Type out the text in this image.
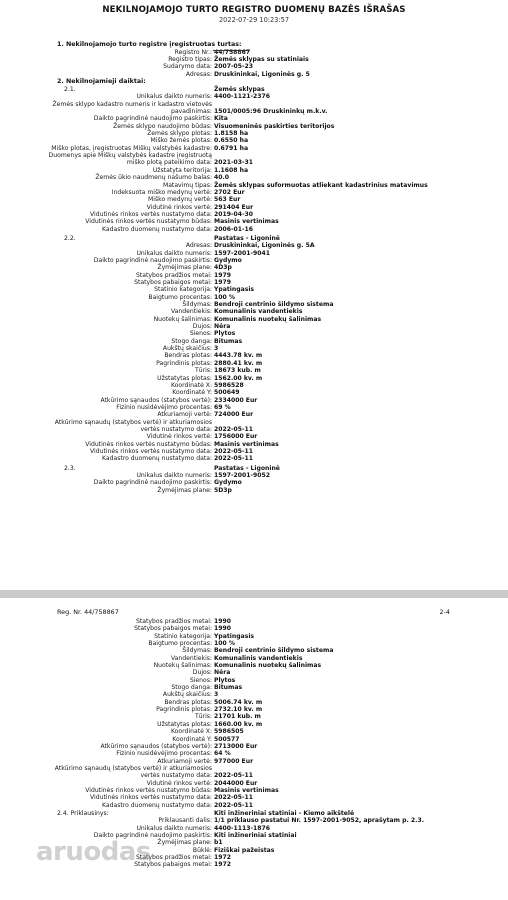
NEKILNOJAMOJO TURTO REGISTRO DUOMENŲ BAZĖS IŠRAŠAS
2022-07-29 10:23:57
1. Nekilnojamojo turto registre įregistruotas turtas:
Registro Nr.: 44/758867
Registro tipas: Žemės sklypas su statiniais
Sudarymo data: 2007-05-23
Adresas: Druskininkai, Ligoninės g. 5
2. Nekilnojamieji daiktai:
2.1.	Žemės sklypas
Unikalus daikto numeris: 4400-1121-2376
Žemės sklypo kadastro numeris ir kadastro vietovės
pavadinimas: 1501/0005:96 Druskininkų m.k.v.
Daikto pagrindinė naudojimo paskirtis: Kita
Žemės sklypo naudojimo būdas: Visuomeninės paskirties teritorijos
Žemės sklypo plotas: 1.8158 ha
Miško žemės plotas: 0.6550 ha
Miško plotas, įregistruotas Miškų valstybės kadastre: 0.6791 ha
Duomenys apie Miškų valstybės kadastre įregistruotą
miško plotą pateikimo data: 2021-03-31
Užstatyta teritorija: 1.1608 ha
Žemės ūkio naudmenų našumo balas: 40.0
Matavimų tipas: Žemės sklypas suformuotas atliekant kadastrinius matavimus
Indeksuota miško medynų vertė: 2702 Eur
Miško medynų vertė: 563 Eur
Vidutinė rinkos vertė: 291404 Eur
Vidutinės rinkos vertės nustatymo data: 2019-04-30
Vidutinės rinkos vertės nustatymo būdas: Masinis vertinimas
Kadastro duomenų nustatymo data: 2006-01-16
2.2.	Pastatas - Ligoninė
Adresas: Druskininkai, Ligoninės g. 5A
Unikalus daikto numeris: 1597-2001-9041
Daikto pagrindinė naudojimo paskirtis: Gydymo
Žymėjimas plane: 4D3p
Statybos pradžios metai: 1979
Statybos pabaigos metai: 1979
Statinio kategorija: Ypatingasis
Baigtumo procentas: 100 %
Šildymas: Bendroji centrinio šildymo sistema
Vandentiekis: Komunalinis vandentiekis
Nuotekų šalinimas: Komunalinis nuotekų šalinimas
Dujos: Nėra
Sienos: Plytos
Stogo danga: Bitumas
Aukštų skaičius: 3
Bendras plotas: 4443.78 kv. m
Pagrindinis plotas: 2880.41 kv. m
Tūris: 18673 kub. m
Užstatytas plotas: 1562.00 kv. m
Koordinatė X: 5986528
Koordinatė Y: 500649
Atkūrimo sąnaudos (statybos vertė): 2334000 Eur
Fizinio nusidėvėjimo procentas: 69 %
Atkuriamoji vertė: 724000 Eur
Atkūrimo sąnaudų (statybos vertė) ir atkuriamosios
vertės nustatymo data: 2022-05-11
Vidutinė rinkos vertė: 1756000 Eur
Vidutinės rinkos vertės nustatymo būdas: Masinis vertinimas
Vidutinės rinkos vertės nustatymo data: 2022-05-11
Kadastro duomenų nustatymo data: 2022-05-11
2.3.	Pastatas - Ligoninė
Unikalus daikto numeris: 1597-2001-9052
Daikto pagrindinė naudojimo paskirtis: Gydymo
Žymėjimas plane: 5D3p
Reg. Nr. 44/758867	2-4
Statybos pradžios metai: 1990
Statybos pabaigos metai: 1990
Statinio kategorija: Ypatingasis
Baigtumo procentas: 100 %
Šildymas: Bendroji centrinio šildymo sistema
Vandentiekis: Komunalinis vandentiekis
Nuotekų šalinimas: Komunalinis nuotekų šalinimas
Dujos: Nėra
Sienos: Plytos
Stogo danga: Bitumas
Aukštų skaičius: 3
Bendras plotas: 5006.74 kv. m
Pagrindinis plotas: 2732.10 kv. m
Tūris: 21701 kub. m
Užstatytas plotas: 1660.00 kv. m
Koordinatė X: 5986505
Koordinatė Y: 500577
Atkūrimo sąnaudos (statybos vertė): 2713000 Eur
Fizinio nusidėvėjimo procentas: 64 %
Atkuriamoji vertė: 977000 Eur
Atkūrimo sąnaudų (statybos vertė) ir atkuriamosios
vertės nustatymo data: 2022-05-11
Vidutinė rinkos vertė: 2044000 Eur
Vidutinės rinkos vertės nustatymo būdas: Masinis vertinimas
Vidutinės rinkos vertės nustatymo data: 2022-05-11
Kadastro duomenų nustatymo data: 2022-05-11
2.4. Priklausinys:	Kiti inžineriniai statiniai - Kiemo aikštelė
Priklausanti dalis: 1/1 priklauso pastatui Nr. 1597-2001-9052, aprašytam p. 2.3.
Unikalus daikto numeris: 4400-1113-1876
Daikto pagrindinė naudojimo paskirtis: Kiti inžineriniai statiniai
Žymėjimas plane: b1
Būklė: Fiziškai pažeistas
Statybos pradžios metai: 1972
Statybos pabaigos metai: 1972
aruodas
